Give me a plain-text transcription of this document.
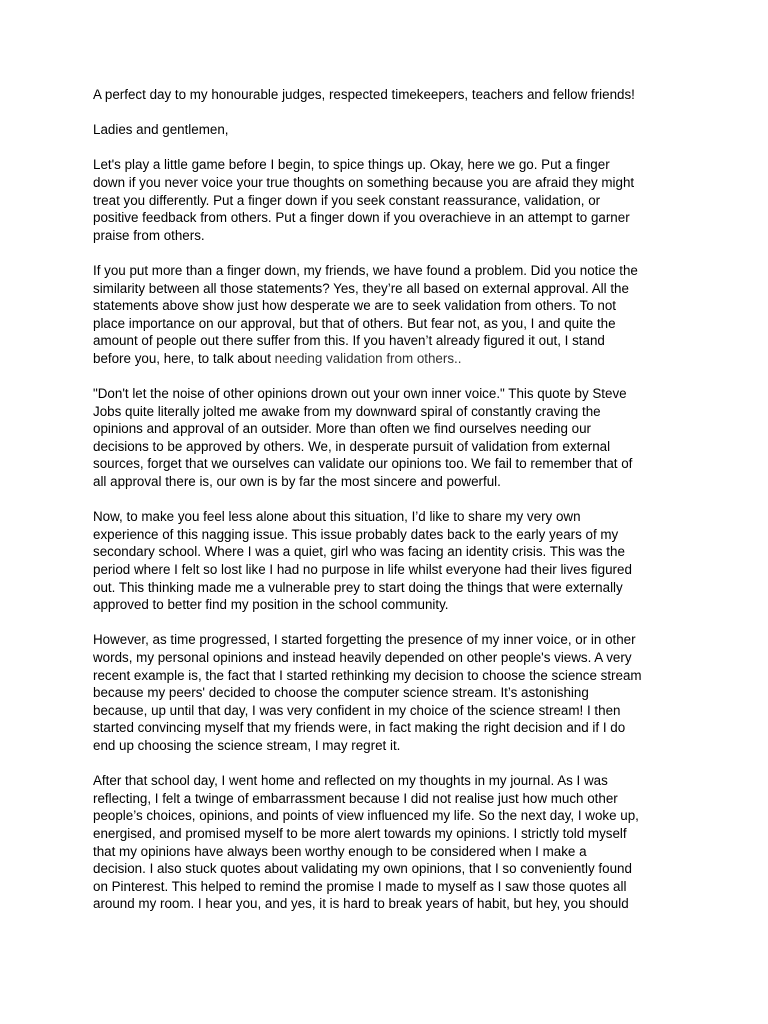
A perfect day to my honourable judges, respected timekeepers, teachers and fellow friends!

Ladies and gentlemen,

Let's play a little game before I begin, to spice things up. Okay, here we go. Put a finger
down if you never voice your true thoughts on something because you are afraid they might
treat you differently. Put a finger down if you seek constant reassurance, validation, or
positive feedback from others. Put a finger down if you overachieve in an attempt to garner
praise from others.

If you put more than a finger down, my friends, we have found a problem. Did you notice the
similarity between all those statements? Yes, they’re all based on external approval. All the
statements above show just how desperate we are to seek validation from others. To not
place importance on our approval, but that of others. But fear not, as you, I and quite the
amount of people out there suffer from this. If you haven’t already figured it out, I stand
before you, here, to talk about needing validation from others..

"Don't let the noise of other opinions drown out your own inner voice." This quote by Steve
Jobs quite literally jolted me awake from my downward spiral of constantly craving the
opinions and approval of an outsider. More than often we find ourselves needing our
decisions to be approved by others. We, in desperate pursuit of validation from external
sources, forget that we ourselves can validate our opinions too. We fail to remember that of
all approval there is, our own is by far the most sincere and powerful.

Now, to make you feel less alone about this situation, I’d like to share my very own
experience of this nagging issue. This issue probably dates back to the early years of my
secondary school. Where I was a quiet, girl who was facing an identity crisis. This was the
period where I felt so lost like I had no purpose in life whilst everyone had their lives figured
out. This thinking made me a vulnerable prey to start doing the things that were externally
approved to better find my position in the school community.

However, as time progressed, I started forgetting the presence of my inner voice, or in other
words, my personal opinions and instead heavily depended on other people's views. A very
recent example is, the fact that I started rethinking my decision to choose the science stream
because my peers' decided to choose the computer science stream. It’s astonishing
because, up until that day, I was very confident in my choice of the science stream! I then
started convincing myself that my friends were, in fact making the right decision and if I do
end up choosing the science stream, I may regret it.

After that school day, I went home and reflected on my thoughts in my journal. As I was
reflecting, I felt a twinge of embarrassment because I did not realise just how much other
people’s choices, opinions, and points of view influenced my life. So the next day, I woke up,
energised, and promised myself to be more alert towards my opinions. I strictly told myself
that my opinions have always been worthy enough to be considered when I make a
decision. I also stuck quotes about validating my own opinions, that I so conveniently found
on Pinterest. This helped to remind the promise I made to myself as I saw those quotes all
around my room. I hear you, and yes, it is hard to break years of habit, but hey, you should
